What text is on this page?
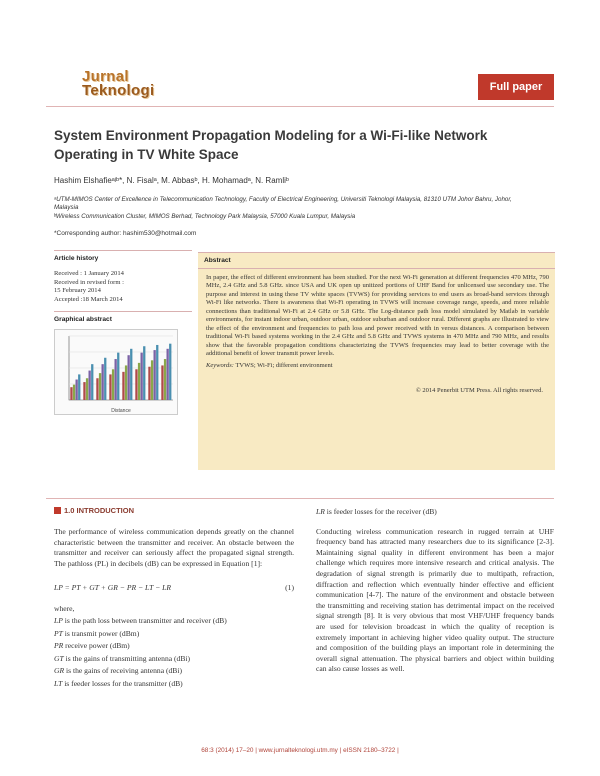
Jurnal
Teknologi	Full paper
System Environment Propagation Modeling for a Wi-Fi-like Network Operating in TV White Space
Hashim Elshafieᵃʲᵇ*, N. Fisalᵃ, M. Abbasᵇ, H. Mohamadᵃ, N. Ramliᵇ
ᵃUTM-MIMOS Center of Excellence in Telecommunication Technology, Faculty of Electrical Engineering, Universiti Teknologi Malaysia, 81310 UTM Johor Bahru, Johor, Malaysia
ᵇWireless Communication Cluster, MIMOS Berhad, Technology Park Malaysia, 57000 Kuala Lumpur, Malaysia
*Corresponding author: hashim530@hotmail.com
Article history
Received : 1 January 2014
Received in revised form :
15 February 2014
Accepted :18 March 2014
Graphical abstract
Distance
Abstract
In paper, the effect of different environment has been studied. For the next Wi-Fi generation at different frequencies 470 MHz, 790 MHz, 2.4 GHz and 5.8 GHz. since USA and UK open up unitized portions of UHF Band for unlicensed use secondary use. The purpose and interest in using these TV white spaces (TVWS) for providing services to end users as broad-band services through Wi-Fi like networks. There is awareness that Wi-Fi operating in TVWS will increase coverage range, speeds, and more reliable connections than traditional Wi-Fi at 2.4 GHz or 5.8 GHz. The Log-distance path loss model simulated by Matlab in variable environments, for instant indoor urban, outdoor urban, outdoor suburban and outdoor rural. Different graphs are illustrated to view the effect of the environment and frequencies to path loss and power received with in versus distances. A comparison between traditional Wi-Fi based systems working in the 2.4 GHz and 5.8 GHz and TVWS systems in 470 MHz and 790 MHz, and results show that the favorable propagation conditions characterizing the TVWS frequencies may lead to better coverage with the additional benefit of lower transmit power levels.
Keywords: TVWS; Wi-Fi; different environment
© 2014 Penerbit UTM Press. All rights reserved.
1.0 INTRODUCTION
The performance of wireless communication depends greatly on the channel characteristic between the transmitter and receiver. An obstacle between the transmitter and receiver can seriously affect the propagated signal strength. The pathloss (PL) in decibels (dB) can be expressed in Equation [1]:
LP = PT + GT + GR − PR − LT − LR	(1)
where,
LP is the path loss between transmitter and receiver (dB)
PT is transmit power (dBm)
PR receive power (dBm)
GT is the gains of transmitting antenna (dBi)
GR is the gains of receiving antenna (dBi)
LT is feeder losses for the transmitter (dB)
LR is feeder losses for the receiver (dB)
Conducting wireless communication research in rugged terrain at UHF frequency band has attracted many researchers due to its significance [2-3]. Maintaining signal quality in different environment has been a major challenge which requires more intensive research and critical analysis. The degradation of signal strength is primarily due to multipath, refraction, diffraction and reflection which eventually hinder effective and efficient communication [4-7]. The nature of the environment and obstacle between the transmitting and receiving station has detrimental impact on the received signal strength [8]. It is very obvious that most VHF/UHF frequency bands are used for television broadcast in which the quality of reception is extremely important in achieving higher video quality output. The structure and composition of the building plays an important role in determining the overall signal attenuation. The physical barriers and object within building can also cause losses as well.
68:3 (2014) 17–20 | www.jurnalteknologi.utm.my | eISSN 2180–3722 |
